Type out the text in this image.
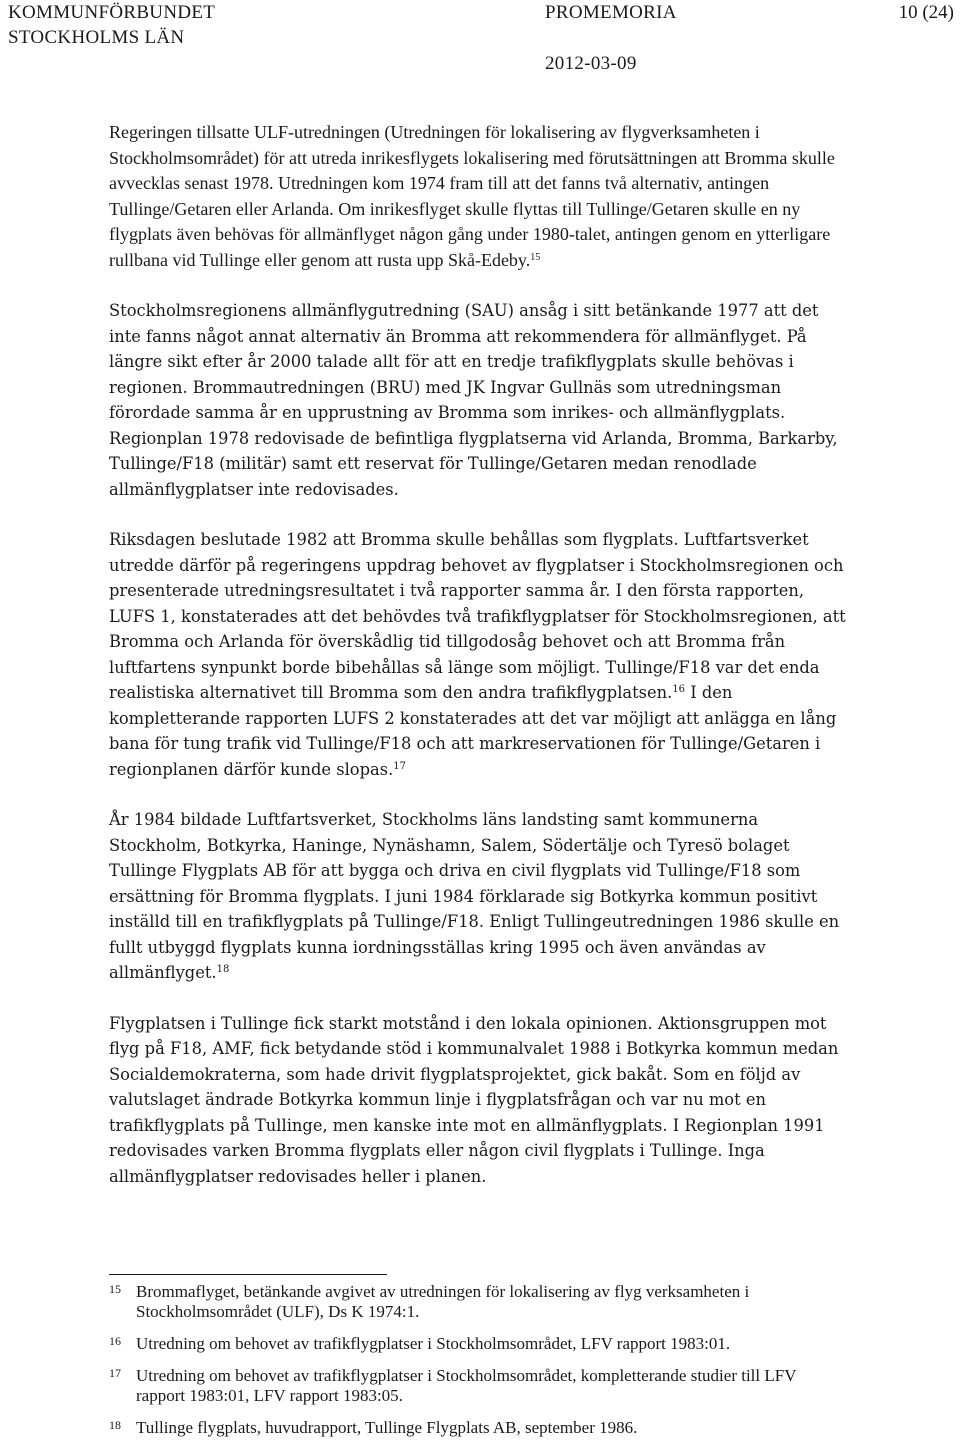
KOMMUNFÖRBUNDET
STOCKHOLMS LÄN
PROMEMORIA
2012-03-09
10 (24)

Regeringen tillsatte ULF-utredningen (Utredningen för lokalisering av flygverksamheten i Stockholmsområdet) för att utreda inrikesflygets lokalisering med förutsättningen att Bromma skulle avvecklas senast 1978. Utredningen kom 1974 fram till att det fanns två alternativ, antingen Tullinge/Getaren eller Arlanda. Om inrikesflyget skulle flyttas till Tullinge/Getaren skulle en ny flygplats även behövas för allmänflyget någon gång under 1980-talet, antingen genom en ytterligare rullbana vid Tullinge eller genom att rusta upp Skå-Edeby.$^{15}$

Stockholmsregionens allmänflygutredning (SAU) ansåg i sitt betänkande 1977 att det inte fanns något annat alternativ än Bromma att rekommendera för allmänflyget. På längre sikt efter år 2000 talade allt för att en tredje trafikflygplats skulle behövas i regionen. Brommautredningen (BRU) med JK Ingvar Gullnäs som utredningsman förordade samma år en upprustning av Bromma som inrikes- och allmänflygplats. Regionplan 1978 redovisade de befintliga flygplatserna vid Arlanda, Bromma, Barkarby, Tullinge/F18 (militär) samt ett reservat för Tullinge/Getaren medan renodlade allmänflygplatser inte redovisades.

Riksdagen beslutade 1982 att Bromma skulle behållas som flygplats. Luftfartsverket utredde därför på regeringens uppdrag behovet av flygplatser i Stockholmsregionen och presenterade utredningsresultatet i två rapporter samma år. I den första rapporten, LUFS 1, konstaterades att det behövdes två trafikflygplatser för Stockholmsregionen, att Bromma och Arlanda för överskådlig tid tillgodosåg behovet och att Bromma från luftfartens synpunkt borde bibehållas så länge som möjligt. Tullinge/F18 var det enda realistiska alternativet till Bromma som den andra trafikflygplatsen.$^{16}$ I den kompletterande rapporten LUFS 2 konstaterades att det var möjligt att anlägga en lång bana för tung trafik vid Tullinge/F18 och att markreservationen för Tullinge/Getaren i regionplanen därför kunde slopas.$^{17}$

År 1984 bildade Luftfartsverket, Stockholms läns landsting samt kommunerna Stockholm, Botkyrka, Haninge, Nynäshamn, Salem, Södertälje och Tyresö bolaget Tullinge Flygplats AB för att bygga och driva en civil flygplats vid Tullinge/F18 som ersättning för Bromma flygplats. I juni 1984 förklarade sig Botkyrka kommun positivt inställd till en trafikflygplats på Tullinge/F18. Enligt Tullingeutredningen 1986 skulle en fullt utbyggd flygplats kunna iordningsställas kring 1995 och även användas av allmänflyget.$^{18}$

Flygplatsen i Tullinge fick starkt motstånd i den lokala opinionen. Aktionsgruppen mot flyg på F18, AMF, fick betydande stöd i kommunalvalet 1988 i Botkyrka kommun medan Socialdemokraterna, som hade drivit flygplatsprojektet, gick bakåt. Som en följd av valutslaget ändrade Botkyrka kommun linje i flygplatsfrågan och var nu mot en trafikflygplats på Tullinge, men kanske inte mot en allmänflygplats. I Regionplan 1991 redovisades varken Bromma flygplats eller någon civil flygplats i Tullinge. Inga allmänflygplatser redovisades heller i planen.

15 Brommaflyget, betänkande avgivet av utredningen för lokalisering av flyg verksamheten i Stockholmsområdet (ULF), Ds K 1974:1.
16 Utredning om behovet av trafikflygplatser i Stockholmsområdet, LFV rapport 1983:01.
17 Utredning om behovet av trafikflygplatser i Stockholmsområdet, kompletterande studier till LFV rapport 1983:01, LFV rapport 1983:05.
18 Tullinge flygplats, huvudrapport, Tullinge Flygplats AB, september 1986.
